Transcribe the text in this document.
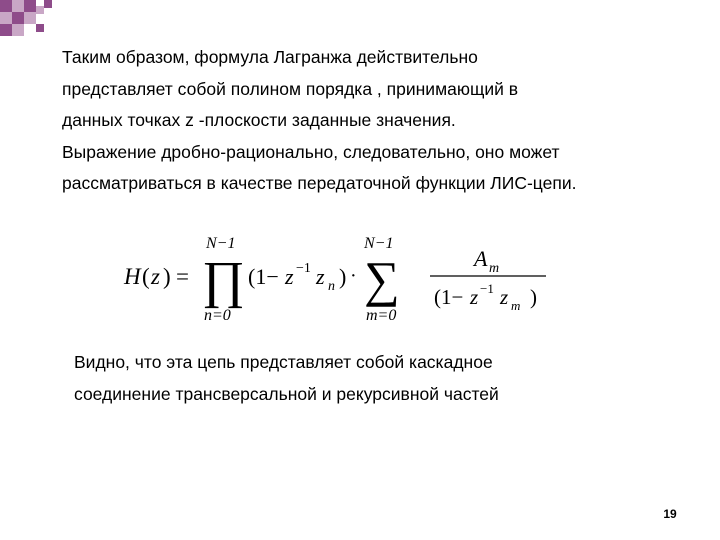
Таким образом, формула Лагранжа действительно
представляет собой полином порядка , принимающий в
данных точках z -плоскости заданные значения.
Выражение дробно-рационально, следовательно, оно может
рассматриваться в качестве передаточной функции ЛИС-цепи.
H ( z ) =
N−1
∏
n=0
(1− z −1 z n ) ·
N−1
∑
m=0
A m
(1− z −1 z m )
Видно, что эта цепь представляет собой каскадное
соединение трансверсальной и рекурсивной частей
19
